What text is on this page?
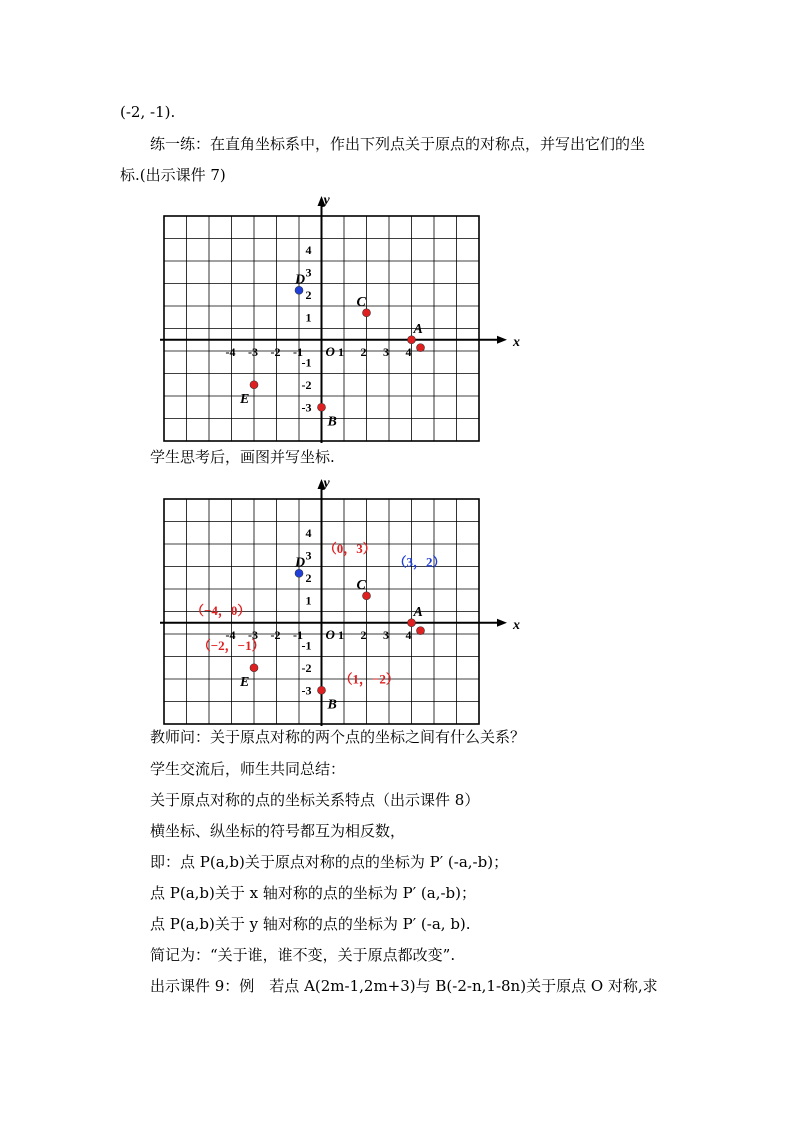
(-2, -1).
练一练：在直角坐标系中，作出下列点关于原点的对称点，并写出它们的坐
标.(出示课件 7)
x
y
O
-4 -3 -2 -1	1 2 3 4
4
3
2
1
-1
-2
-3
D
C
A
E
B
学生思考后，画图并写坐标.
x
y
O
-4 -3 -2 -1	1 2 3 4
4
3
2
1
-1
-2
-3
D
C
A
E
B
（0，3）
（3，2）
（−4，0）
（−2，−1）
（1，−2）
教师问：关于原点对称的两个点的坐标之间有什么关系？
学生交流后，师生共同总结：
关于原点对称的点的坐标关系特点（出示课件 8）
横坐标、纵坐标的符号都互为相反数，
即：点 P(a,b)关于原点对称的点的坐标为 P′ (-a,-b)；
点 P(a,b)关于 x 轴对称的点的坐标为 P′ (a,-b)；
点 P(a,b)关于 y 轴对称的点的坐标为 P′ (-a, b).
简记为：“关于谁，谁不变，关于原点都改变”.
出示课件 9：例　若点 A(2m-1,2m+3)与 B(-2-n,1-8n)关于原点 O 对称,求
